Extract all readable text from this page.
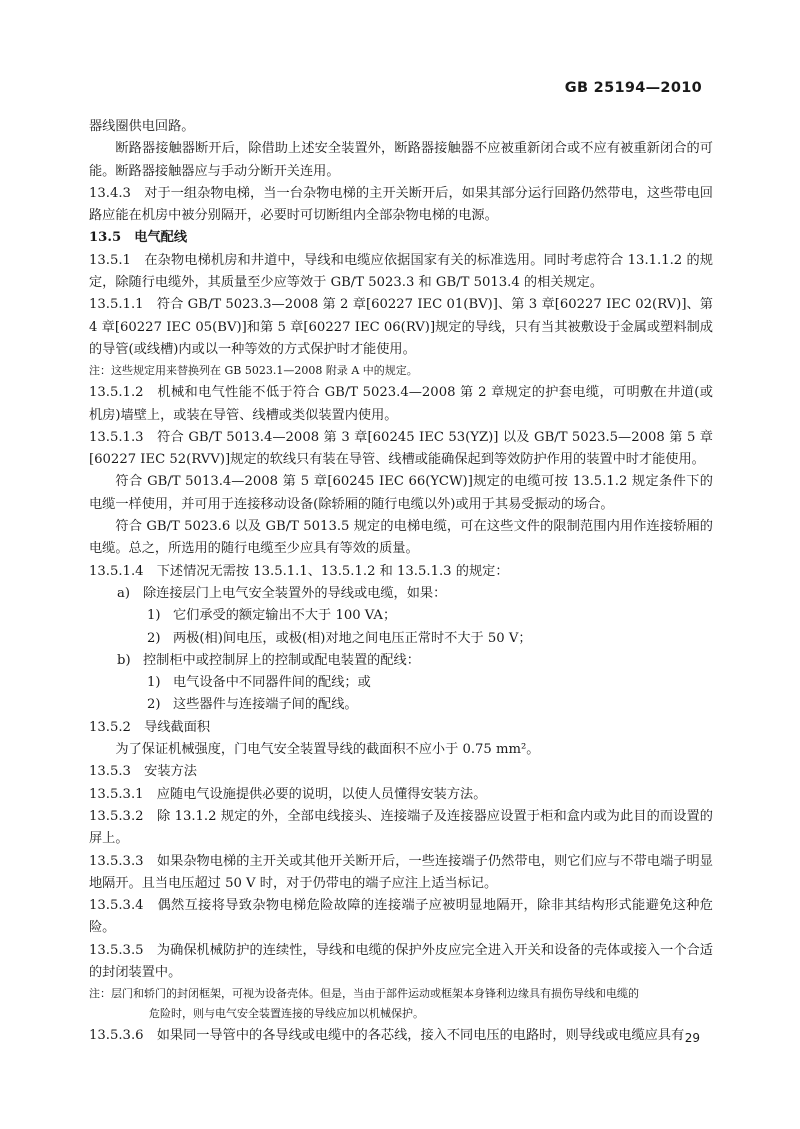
GB 25194—2010

器线圈供电回路。

断路器接触器断开后，除借助上述安全装置外，断路器接触器不应被重新闭合或不应有被重新闭合的可能。断路器接触器应与手动分断开关连用。

13.4.3　对于一组杂物电梯，当一台杂物电梯的主开关断开后，如果其部分运行回路仍然带电，这些带电回路应能在机房中被分别隔开，必要时可切断组内全部杂物电梯的电源。

13.5　电气配线

13.5.1　在杂物电梯机房和井道中，导线和电缆应依据国家有关的标准选用。同时考虑符合 13.1.1.2 的规定，除随行电缆外，其质量至少应等效于 GB/T 5023.3 和 GB/T 5013.4 的相关规定。

13.5.1.1　符合 GB/T 5023.3—2008 第 2 章[60227 IEC 01(BV)]、第 3 章[60227 IEC 02(RV)]、第 4 章[60227 IEC 05(BV)]和第 5 章[60227 IEC 06(RV)]规定的导线，只有当其被敷设于金属或塑料制成的导管(或线槽)内或以一种等效的方式保护时才能使用。

注：这些规定用来替换列在 GB 5023.1—2008 附录 A 中的规定。

13.5.1.2　机械和电气性能不低于符合 GB/T 5023.4—2008 第 2 章规定的护套电缆，可明敷在井道(或机房)墙壁上，或装在导管、线槽或类似装置内使用。

13.5.1.3　符合 GB/T 5013.4—2008 第 3 章[60245 IEC 53(YZ)] 以及 GB/T 5023.5—2008 第 5 章[60227 IEC 52(RVV)]规定的软线只有装在导管、线槽或能确保起到等效防护作用的装置中时才能使用。

符合 GB/T 5013.4—2008 第 5 章[60245 IEC 66(YCW)]规定的电缆可按 13.5.1.2 规定条件下的电缆一样使用，并可用于连接移动设备(除轿厢的随行电缆以外)或用于其易受振动的场合。

符合 GB/T 5023.6 以及 GB/T 5013.5 规定的电梯电缆，可在这些文件的限制范围内用作连接轿厢的电缆。总之，所选用的随行电缆至少应具有等效的质量。

13.5.1.4　下述情况无需按 13.5.1.1、13.5.1.2 和 13.5.1.3 的规定：

a) 除连接层门上电气安全装置外的导线或电缆，如果：

1) 它们承受的额定输出不大于 100 VA；

2) 两极(相)间电压，或极(相)对地之间电压正常时不大于 50 V；

b) 控制柜中或控制屏上的控制或配电装置的配线：

1) 电气设备中不同器件间的配线；或

2) 这些器件与连接端子间的配线。

13.5.2　导线截面积

为了保证机械强度，门电气安全装置导线的截面积不应小于 0.75 mm²。

13.5.3　安装方法

13.5.3.1　应随电气设施提供必要的说明，以使人员懂得安装方法。

13.5.3.2　除 13.1.2 规定的外，全部电线接头、连接端子及连接器应设置于柜和盒内或为此目的而设置的屏上。

13.5.3.3　如果杂物电梯的主开关或其他开关断开后，一些连接端子仍然带电，则它们应与不带电端子明显地隔开。且当电压超过 50 V 时，对于仍带电的端子应注上适当标记。

13.5.3.4　偶然互接将导致杂物电梯危险故障的连接端子应被明显地隔开，除非其结构形式能避免这种危险。

13.5.3.5　为确保机械防护的连续性，导线和电缆的保护外皮应完全进入开关和设备的壳体或接入一个合适的封闭装置中。

注：层门和轿门的封闭框架，可视为设备壳体。但是，当由于部件运动或框架本身锋利边缘具有损伤导线和电缆的

危险时，则与电气安全装置连接的导线应加以机械保护。

13.5.3.6　如果同一导管中的各导线或电缆中的各芯线，接入不同电压的电路时，则导线或电缆应具有 29
